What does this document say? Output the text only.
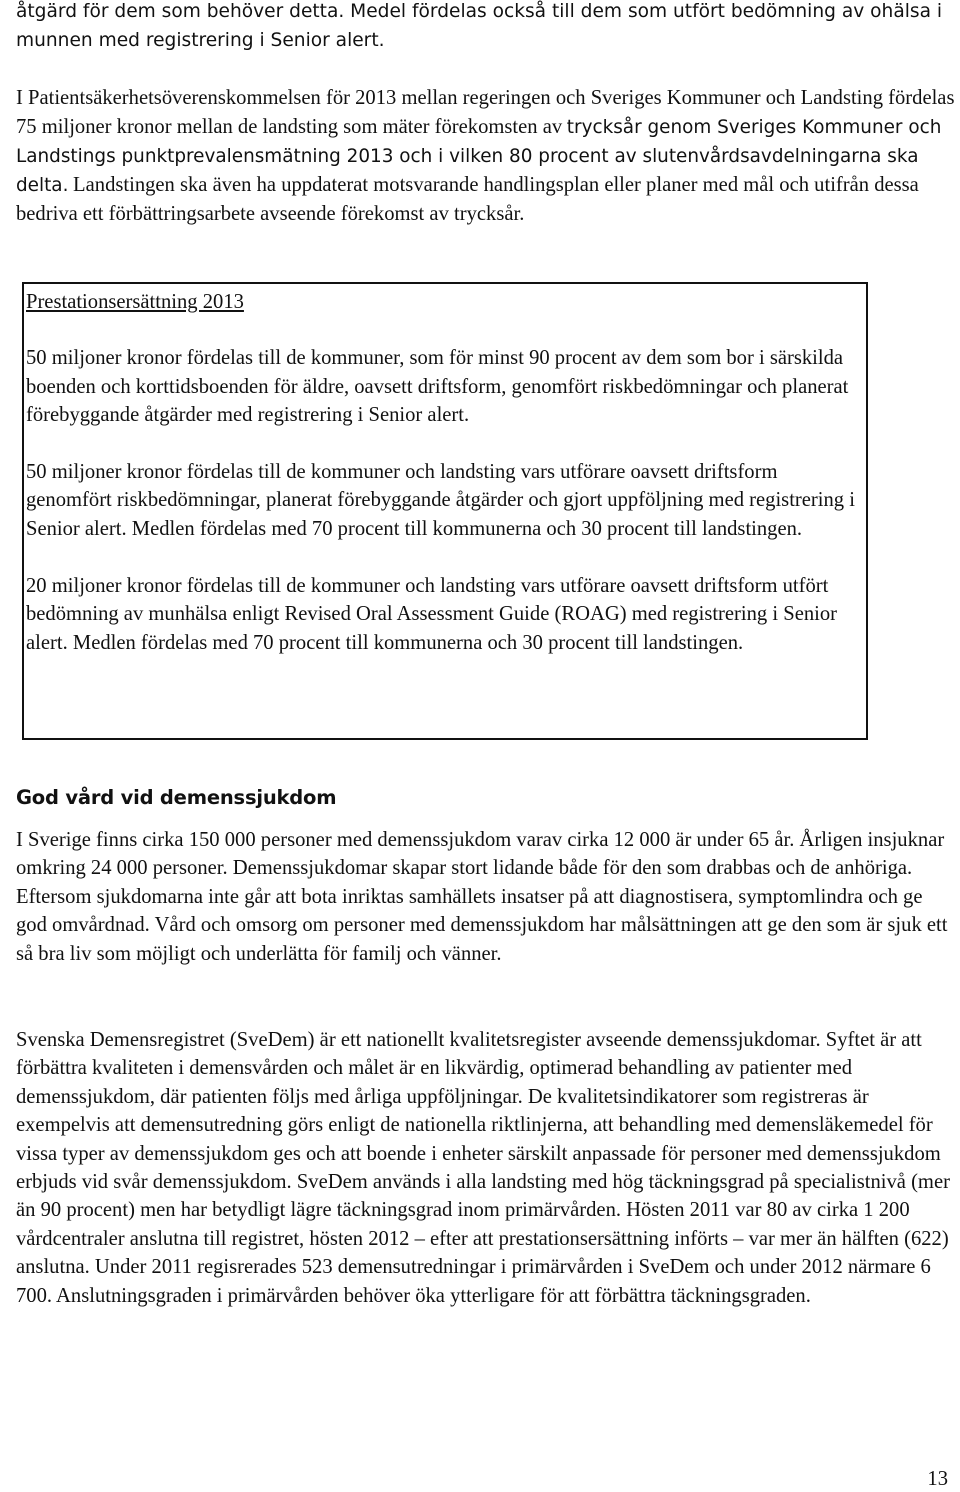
åtgärd för dem som behöver detta. Medel fördelas också till dem som utfört bedömning av ohälsa i munnen med registrering i Senior alert.

I Patientsäkerhetsöverenskommelsen för 2013 mellan regeringen och Sveriges Kommuner och Landsting fördelas 75 miljoner kronor mellan de landsting som mäter förekomsten av trycksår genom Sveriges Kommuner och Landstings punktprevalensmätning 2013 och i vilken 80 procent av slutenvårdsavdelningarna ska delta. Landstingen ska även ha uppdaterat motsvarande handlingsplan eller planer med mål och utifrån dessa bedriva ett förbättringsarbete avseende förekomst av trycksår.

Prestationsersättning 2013

50 miljoner kronor fördelas till de kommuner, som för minst 90 procent av dem som bor i särskilda boenden och korttidsboenden för äldre, oavsett driftsform, genomfört riskbedömningar och planerat förebyggande åtgärder med registrering i Senior alert.

50 miljoner kronor fördelas till de kommuner och landsting vars utförare oavsett driftsform genomfört riskbedömningar, planerat förebyggande åtgärder och gjort uppföljning med registrering i Senior alert. Medlen fördelas med 70 procent till kommunerna och 30 procent till landstingen.

20 miljoner kronor fördelas till de kommuner och landsting vars utförare oavsett driftsform utfört bedömning av munhälsa enligt Revised Oral Assessment Guide (ROAG) med registrering i Senior alert. Medlen fördelas med 70 procent till kommunerna och 30 procent till landstingen.

God vård vid demenssjukdom

I Sverige finns cirka 150 000 personer med demenssjukdom varav cirka 12 000 är under 65 år. Årligen insjuknar omkring 24 000 personer. Demenssjukdomar skapar stort lidande både för den som drabbas och de anhöriga. Eftersom sjukdomarna inte går att bota inriktas samhällets insatser på att diagnostisera, symptomlindra och ge god omvårdnad. Vård och omsorg om personer med demenssjukdom har målsättningen att ge den som är sjuk ett så bra liv som möjligt och underlätta för familj och vänner.

Svenska Demensregistret (SveDem) är ett nationellt kvalitetsregister avseende demenssjukdomar. Syftet är att förbättra kvaliteten i demensvården och målet är en likvärdig, optimerad behandling av patienter med demenssjukdom, där patienten följs med årliga uppföljningar. De kvalitetsindikatorer som registreras är exempelvis att demensutredning görs enligt de nationella riktlinjerna, att behandling med demensläkemedel för vissa typer av demenssjukdom ges och att boende i enheter särskilt anpassade för personer med demenssjukdom erbjuds vid svår demenssjukdom. SveDem används i alla landsting med hög täckningsgrad på specialistnivå (mer än 90 procent) men har betydligt lägre täckningsgrad inom primärvården. Hösten 2011 var 80 av cirka 1 200 vårdcentraler anslutna till registret, hösten 2012 – efter att prestationsersättning införts – var mer än hälften (622) anslutna. Under 2011 regisrerades 523 demensutredningar i primärvården i SveDem och under 2012 närmare 6 700. Anslutningsgraden i primärvården behöver öka ytterligare för att förbättra täckningsgraden.

13
